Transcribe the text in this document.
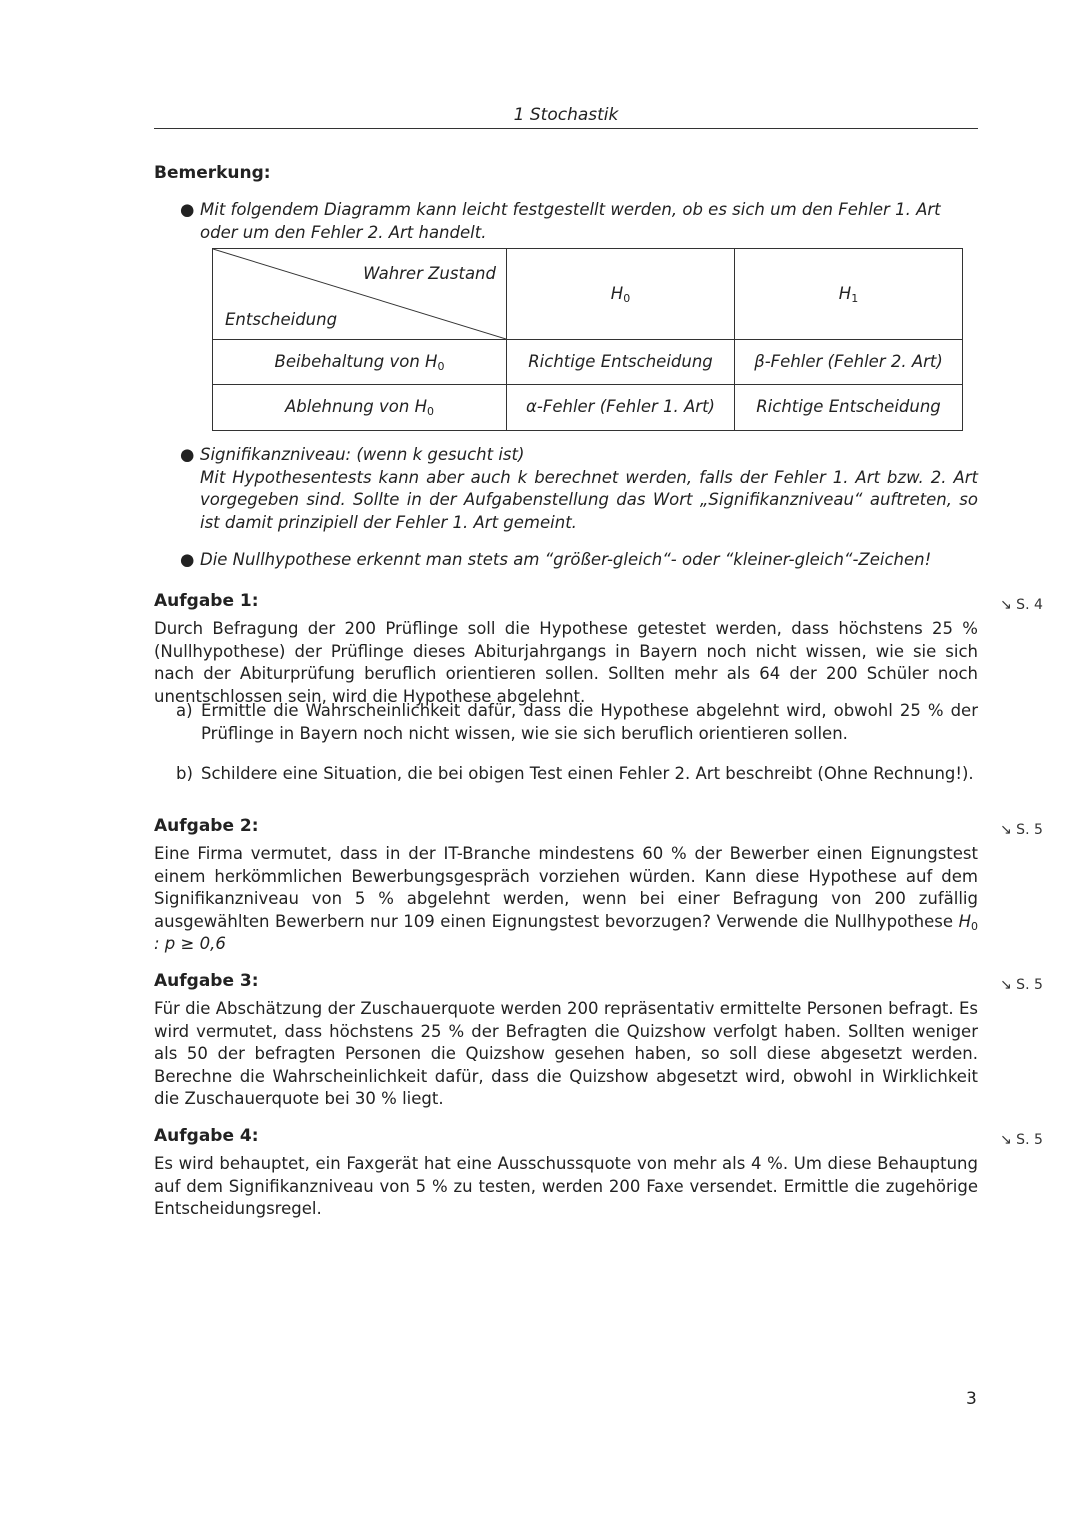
1 Stochastik
Bemerkung:
● Mit folgendem Diagramm kann leicht festgestellt werden, ob es sich um den Fehler 1. Art oder um den Fehler 2. Art handelt.
● Signifikanzniveau: (wenn k gesucht ist)
Mit Hypothesentests kann aber auch k berechnet werden, falls der Fehler 1. Art bzw. 2. Art vorgegeben sind. Sollte in der Aufgabenstellung das Wort „Signifikanzniveau“ auftreten, so ist damit prinzipiell der Fehler 1. Art gemeint.
● Die Nullhypothese erkennt man stets am “größer-gleich“- oder “kleiner-gleich“-Zeichen!
Aufgabe 1:
Durch Befragung der 200 Prüflinge soll die Hypothese getestet werden, dass höchstens 25 % (Nullhypothese) der Prüflinge dieses Abiturjahrgangs in Bayern noch nicht wissen, wie sie sich nach der Abiturprüfung beruflich orientieren sollen. Sollten mehr als 64 der 200 Schüler noch unentschlossen sein, wird die Hypothese abgelehnt.
a) Ermittle die Wahrscheinlichkeit dafür, dass die Hypothese abgelehnt wird, obwohl 25 % der Prüflinge in Bayern noch nicht wissen, wie sie sich beruflich orientieren sollen.
b) Schildere eine Situation, die bei obigen Test einen Fehler 2. Art beschreibt (Ohne Rechnung!).
Aufgabe 2:
Eine Firma vermutet, dass in der IT-Branche mindestens 60 % der Bewerber einen Eignungstest einem herkömmlichen Bewerbungsgespräch vorziehen würden. Kann diese Hypothese auf dem Signifikanzniveau von 5 % abgelehnt werden, wenn bei einer Befragung von 200 zufällig ausgewählten Bewerbern nur 109 einen Eignungstest bevorzugen? Verwende die Nullhypothese $H_0$ : p ≥ 0,6
Aufgabe 3:
Für die Abschätzung der Zuschauerquote werden 200 repräsentativ ermittelte Personen befragt. Es wird vermutet, dass höchstens 25 % der Befragten die Quizshow verfolgt haben. Sollten weniger als 50 der befragten Personen die Quizshow gesehen haben, so soll diese abgesetzt werden. Berechne die Wahrscheinlichkeit dafür, dass die Quizshow abgesetzt wird, obwohl in Wirklichkeit die Zuschauerquote bei 30 % liegt.
Aufgabe 4:
Es wird behauptet, ein Faxgerät hat eine Ausschussquote von mehr als 4 %. Um diese Behauptung auf dem Signifikanzniveau von 5 % zu testen, werden 200 Faxe versendet. Ermittle die zugehörige Entscheidungsregel.
Wahrer Zustand
Entscheidung	$H_0$	$H_1$
Beibehaltung von $H_0$	Richtige Entscheidung	β-Fehler (Fehler 2. Art)
Ablehnung von $H_0$	α-Fehler (Fehler 1. Art)	Richtige Entscheidung
↘ S. 4
↘ S. 5
↘ S. 5
↘ S. 5
3
